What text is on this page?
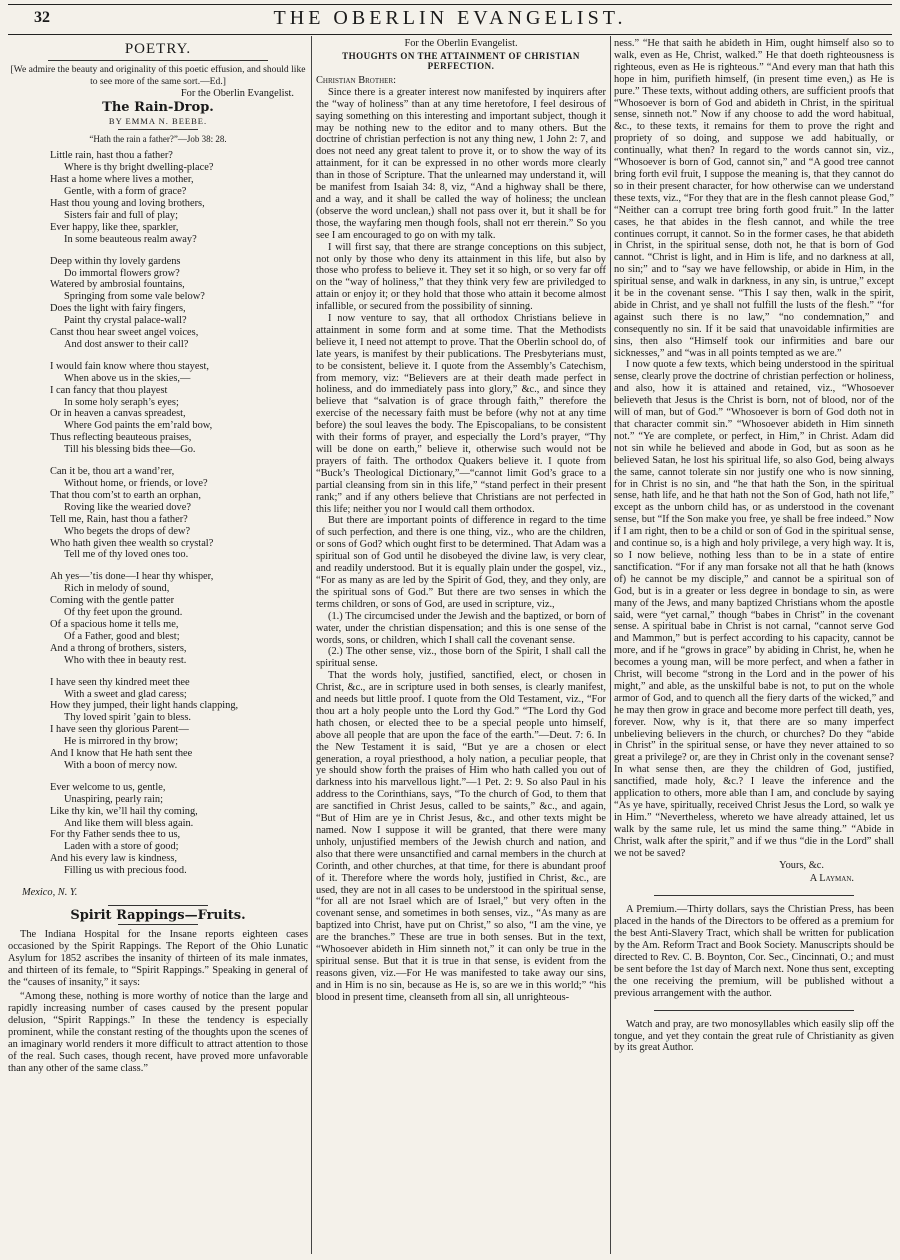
32	THE OBERLIN EVANGELIST.
POETRY.

[We admire the beauty and originality of this poetic effusion, and should like to see more of the same sort.—Ed.]

For the Oberlin Evangelist.
The Rain-Drop.
BY EMMA N. BEEBE.
“Hath the rain a father?”—Job 38: 28.
Little rain, hast thou a father?
Where is thy bright dwelling-place?
Hast a home where lives a mother,
Gentle, with a form of grace?
Hast thou young and loving brothers,
Sisters fair and full of play;
Ever happy, like thee, sparkler,
In some beauteous realm away?
Deep within thy lovely gardens
Do immortal flowers grow?
Watered by ambrosial fountains,
Springing from some vale below?
Does the light with fairy fingers,
Paint thy crystal palace-wall?
Canst thou hear sweet angel voices,
And dost answer to their call?
I would fain know where thou stayest,
When above us in the skies,—
I can fancy that thou playest
In some holy seraph’s eyes;
Or in heaven a canvas spreadest,
Where God paints the em’rald bow,
Thus reflecting beauteous praises,
Till his blessing bids thee—Go.
Can it be, thou art a wand’rer,
Without home, or friends, or love?
That thou com’st to earth an orphan,
Roving like the wearied dove?
Tell me, Rain, hast thou a father?
Who begets the drops of dew?
Who hath given thee wealth so crystal?
Tell me of thy loved ones too.
Ah yes—’tis done—I hear thy whisper,
Rich in melody of sound,
Coming with the gentle patter
Of thy feet upon the ground.
Of a spacious home it tells me,
Of a Father, good and blest;
And a throng of brothers, sisters,
Who with thee in beauty rest.
I have seen thy kindred meet thee
With a sweet and glad caress;
How they jumped, their light hands clapping,
Thy loved spirit ’gain to bless.
I have seen thy glorious Parent—
He is mirrored in thy brow;
And I know that He hath sent thee
With a boon of mercy now.
Ever welcome to us, gentle,
Unaspiring, pearly rain;
Like thy kin, we’ll hail thy coming,
And like them will bless again.
For thy Father sends thee to us,
Laden with a store of good;
And his every law is kindness,
Filling us with precious food.
Mexico, N. Y.
Spirit Rappings—Fruits.

The Indiana Hospital for the Insane reports eighteen cases occasioned by the Spirit Rappings. The Report of the Ohio Lunatic Asylum for 1852 ascribes the insanity of thirteen of its male inmates, and thirteen of its female, to “Spirit Rappings.” Speaking in general of the “causes of insanity,” it says:

“Among these, nothing is more worthy of notice than the large and rapidly increasing number of cases caused by the present popular delusion, “Spirit Rappings.” In these the tendency is especially prominent, while the constant resting of the thoughts upon the scenes of an imaginary world renders it more difficult to attract attention to those of the real. Such cases, though recent, have proved more unfavorable than any other of the same class.”

For the Oberlin Evangelist.
THOUGHTS ON THE ATTAINMENT OF CHRISTIAN PERFECTION.
Christian Brother:

Since there is a greater interest now manifested by inquirers after the “way of holiness” than at any time heretofore, I feel desirous of saying something on this interesting and important subject, though it may be nothing new to the editor and to many others. But the doctrine of christian perfection is not any thing new, 1 John 2: 7, and does not need any great talent to prove it, or to show the way of its attainment, for it can be expressed in no other words more clearly than in those of Scripture. That the unlearned may understand it, will be manifest from Isaiah 34: 8, viz, “And a highway shall be there, and a way, and it shall be called the way of holiness; the unclean (observe the word unclean,) shall not pass over it, but it shall be for those, the wayfaring men though fools, shall not err therein.” So you see I am encouraged to go on with my talk.

I will first say, that there are strange conceptions on this subject, not only by those who deny its attainment in this life, but also by those who profess to believe it. They set it so high, or so very far off on the “way of holiness,” that they think very few are priviledged to attain or enjoy it; or they hold that those who attain it become almost infallible, or secured from the possibility of sinning.

I now venture to say, that all orthodox Christians believe in attainment in some form and at some time. That the Methodists believe it, I need not attempt to prove. That the Oberlin school do, of late years, is manifest by their publications. The Presbyterians must, to be consistent, believe it. I quote from the Assembly’s Catechism, from memory, viz: “Believers are at their death made perfect in holiness, and do immediately pass into glory,” &c., and since they believe that “salvation is of grace through faith,” therefore the exercise of the necessary faith must be before (why not at any time before) the soul leaves the body. The Episcopalians, to be consistent with their forms of prayer, and especially the Lord’s prayer, “Thy will be done on earth,” believe it, otherwise such would not be prayers of faith. The orthodox Quakers believe it. I quote from “Buck’s Theological Dictionary,”—“cannot limit God’s grace to a partial cleansing from sin in this life,” “stand perfect in their present rank;” and if any others believe that Christians are not perfected in this life; neither you nor I would call them orthodox.

But there are important points of difference in regard to the time of such perfection, and there is one thing, viz., who are the children, or sons of God? which ought first to be determined. That Adam was a spiritual son of God until he disobeyed the divine law, is very clear, and readily understood. But it is equally plain under the gospel, viz., “For as many as are led by the Spirit of God, they, and they only, are the spiritual sons of God.” But there are two senses in which the terms children, or sons of God, are used in scripture, viz.,

(1.) The circumcised under the Jewish and the baptized, or born of water, under the christian dispensation; and this is one sense of the words, sons, or children, which I shall call the covenant sense.

(2.) The other sense, viz., those born of the Spirit, I shall call the spiritual sense.

That the words holy, justified, sanctified, elect, or chosen in Christ, &c., are in scripture used in both senses, is clearly manifest, and needs but little proof. I quote from the Old Testament, viz., “For thou art a holy people unto the Lord thy God.” “The Lord thy God hath chosen, or elected thee to be a special people unto himself, above all people that are upon the face of the earth.”—Deut. 7: 6. In the New Testament it is said, “But ye are a chosen or elect generation, a royal priesthood, a holy nation, a peculiar people, that ye should show forth the praises of Him who hath called you out of darkness into his marvellous light.”—1 Pet. 2: 9. So also Paul in his address to the Corinthians, says, “To the church of God, to them that are sanctified in Christ Jesus, called to be saints,” &c., and again, “But of Him are ye in Christ Jesus, &c., and other texts might be named. Now I suppose it will be granted, that there were many unholy, unjustified members of the Jewish church and nation, and also that there were unsanctified and carnal members in the church at Corinth, and other churches, at that time, for there is abundant proof of it. Therefore where the words holy, justified in Christ, &c., are used, they are not in all cases to be understood in the spiritual sense, “for all are not Israel which are of Israel,” but very often in the covenant sense, and sometimes in both senses, viz., “As many as are baptized into Christ, have put on Christ,” so also, “I am the vine, ye are the branches.” These are true in both senses. But in the text, “Whosoever abideth in Him sinneth not,” it can only be true in the spiritual sense. But that it is true in that sense, is evident from the reasons given, viz.—For He was manifested to take away our sins, and in Him is no sin, because as He is, so are we in this world;” “his blood in present time, cleanseth from all sin, all unrighteous-

ness.” “He that saith he abideth in Him, ought himself also so to walk, even as He, Christ, walked.” He that doeth righteousness is righteous, even as He is righteous.” “And every man that hath this hope in him, purifieth himself, (in present time even,) as He is pure.” These texts, without adding others, are sufficient proofs that “Whosoever is born of God and abideth in Christ, in the spiritual sense, sinneth not.” Now if any choose to add the word habitual, &c., to these texts, it remains for them to prove the right and propriety of so doing, and suppose we add habitually, or continually, what then? In regard to the words cannot sin, viz., “Whosoever is born of God, cannot sin,” and “A good tree cannot bring forth evil fruit, I suppose the meaning is, that they cannot do so in their present character, for how otherwise can we understand these texts, viz., “For they that are in the flesh cannot please God,” “Neither can a corrupt tree bring forth good fruit.” In the latter cases, he that abides in the flesh cannot, and while the tree continues corrupt, it cannot. So in the former cases, he that abideth in Christ, in the spiritual sense, doth not, he that is born of God cannot. “Christ is light, and in Him is life, and no darkness at all, no sin;” and to “say we have fellowship, or abide in Him, in the spiritual sense, and walk in darkness, in any sin, is untrue,” except it be in the covenant sense. “This I say then, walk in the spirit, abide in Christ, and ye shall not fulfill the lusts of the flesh.” “for against such there is no law,” “no condemnation,” and consequently no sin. If it be said that unavoidable infirmities are sins, then also “Himself took our infirmities and bare our sicknesses,” and “was in all points tempted as we are.”

I now quote a few texts, which being understood in the spiritual sense, clearly prove the doctrine of christian perfection or holiness, and also, how it is attained and retained, viz., “Whosoever believeth that Jesus is the Christ is born, not of blood, nor of the will of man, but of God.” “Whosoever is born of God doth not in that character commit sin.” “Whosoever abideth in Him sinneth not.” “Ye are complete, or perfect, in Him,” in Christ. Adam did not sin while he believed and abode in God, but as soon as he believed Satan, he lost his spiritual life, so also God, being always the same, cannot tolerate sin nor justify one who is now sinning, for in Christ is no sin, and “he that hath the Son, in the spiritual sense, hath life, and he that hath not the Son of God, hath not life,” except as the unborn child has, or as understood in the covenant sense, but “If the Son make you free, ye shall be free indeed.” Now if I am right, then to be a child or son of God in the spiritual sense, and continue so, is a high and holy privilege, a very high way. It is, so I now believe, nothing less than to be in a state of entire sanctification. “For if any man forsake not all that he hath (knows of) he cannot be my disciple,” and cannot be a spiritual son of God, but is in a greater or less degree in bondage to sin, as were many of the Jews, and many baptized Christians whom the apostle said, were “yet carnal,” though “babes in Christ” in the covenant sense. A spiritual babe in Christ is not carnal, “cannot serve God and Mammon,” but is perfect according to his capacity, cannot be more, and if he “grows in grace” by abiding in Christ, he, when he becomes a young man, will be more perfect, and when a father in Christ, will become “strong in the Lord and in the power of his might,” and able, as the unskilful babe is not, to put on the whole armor of God, and to quench all the fiery darts of the wicked,” and he may then grow in grace and become more perfect till death, yes, forever. Now, why is it, that there are so many imperfect unbelieving believers in the church, or churches? Do they “abide in Christ” in the spiritual sense, or have they never attained to so great a privilege? or, are they in Christ only in the covenant sense? In what sense then, are they the children of God, justified, sanctified, made holy, &c.? I leave the inference and the application to others, more able than I am, and conclude by saying “As ye have, spiritually, received Christ Jesus the Lord, so walk ye in Him.” “Nevertheless, whereto we have already attained, let us walk by the same rule, let us mind the same thing.” “Abide in Christ, walk after the spirit,” and if we thus “die in the Lord” shall we not be saved?

Yours, &c.

A Layman.

A Premium.—Thirty dollars, says the Christian Press, has been placed in the hands of the Directors to be offered as a premium for the best Anti-Slavery Tract, which shall be written for publication by the Am. Reform Tract and Book Society. Manuscripts should be directed to Rev. C. B. Boynton, Cor. Sec., Cincinnati, O.; and must be sent before the 1st day of March next. None thus sent, excepting the one receiving the premium, will be published without a previous arrangement with the author.

Watch and pray, are two monosyllables which easily slip off the tongue, and yet they contain the great rule of Christianity as given by its great Author.
